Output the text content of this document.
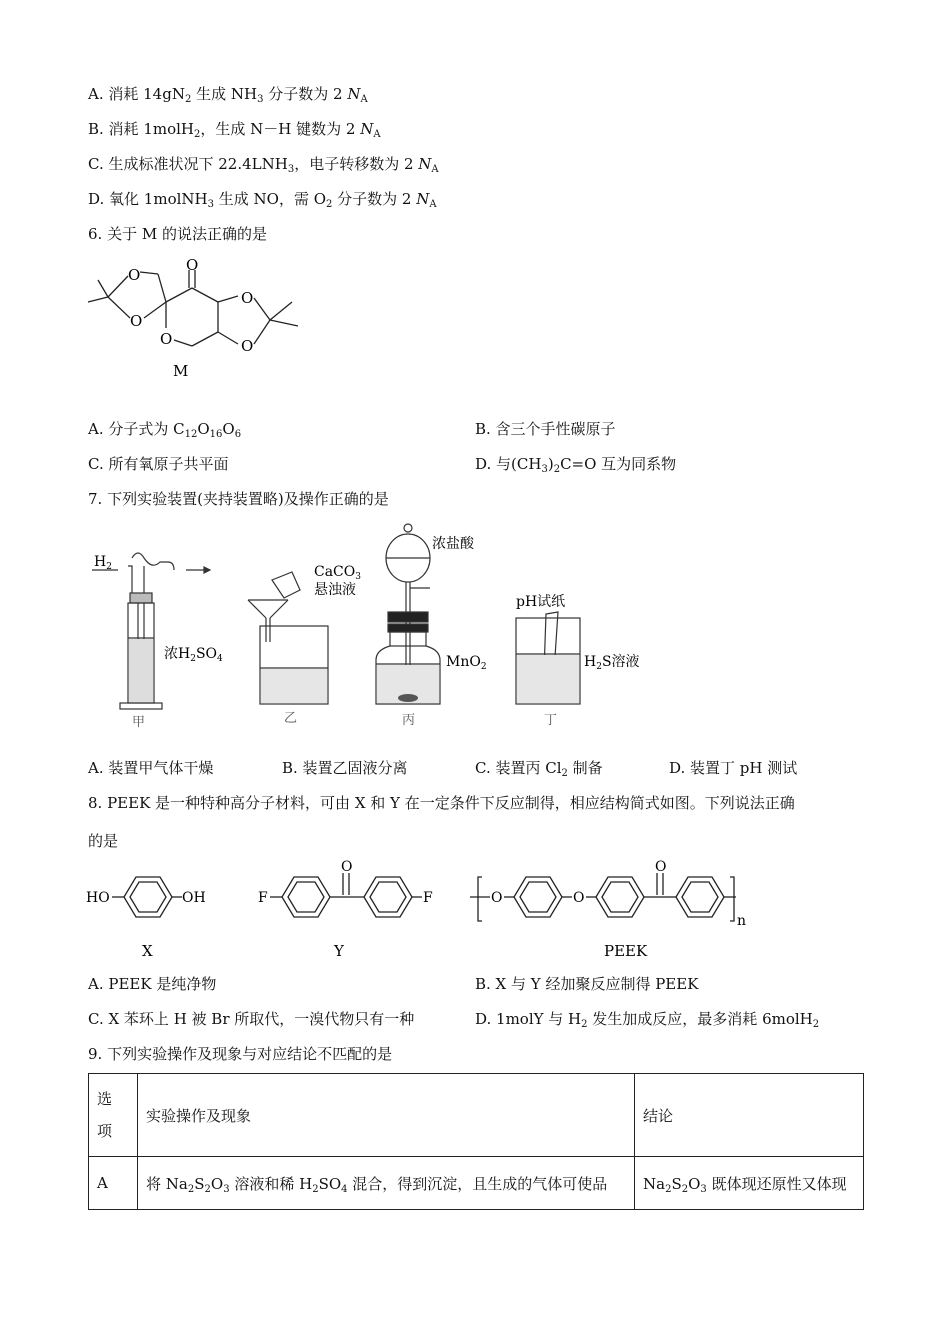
A. 消耗 $14gN_2$ 生成 $NH_3$ 分子数为 2 $N_A$
B. 消耗 1molH$_2$，生成 N－H 键数为 2 $N_A$
C. 生成标准状况下 $22.4LNH_3$，电子转移数为 2 $N_A$
D. 氧化 1molNH$_3$ 生成 NO，需 $O_2$ 分子数为 2 $N_A$
6. 关于 M 的说法正确的是
O
O
O
O
O
O
M
A. 分子式为 $C_{12}O_{16}O_6$	B. 含三个手性碳原子
C. 所有氧原子共平面	D. 与$(CH_3)_2C=O$ 互为同系物
7. 下列实验装置(夹持装置略)及操作正确的是
$H_2$
浓$H_2SO_4$
CaCO$_3$
悬浊液
浓盐酸
MnO$_2$
pH试纸
$H_2S$溶液
甲	乙	丙	丁
A. 装置甲气体干燥	B. 装置乙固液分离	C. 装置丙 $Cl_2$ 制备	D. 装置丁 pH 测试
8. PEEK 是一种特种高分子材料，可由 X 和 Y 在一定条件下反应制得，相应结构简式如图。下列说法正确
的是
HO	OH	F
O
F	O	O
O
n
X	Y	PEEK
A. PEEK 是纯净物	B. X 与 Y 经加聚反应制得 PEEK
C. X 苯环上 H 被 Br 所取代，一溴代物只有一种	D. 1molY 与 $H_2$ 发生加成反应，最多消耗 6molH$_2$
9. 下列实验操作及现象与对应结论不匹配的是
选
项	实验操作及现象	结论
A	将 $Na_2S_2O_3$ 溶液和稀 $H_2SO_4$ 混合，得到沉淀，且生成的气体可使品	$Na_2S_2O_3$ 既体现还原性又体现
